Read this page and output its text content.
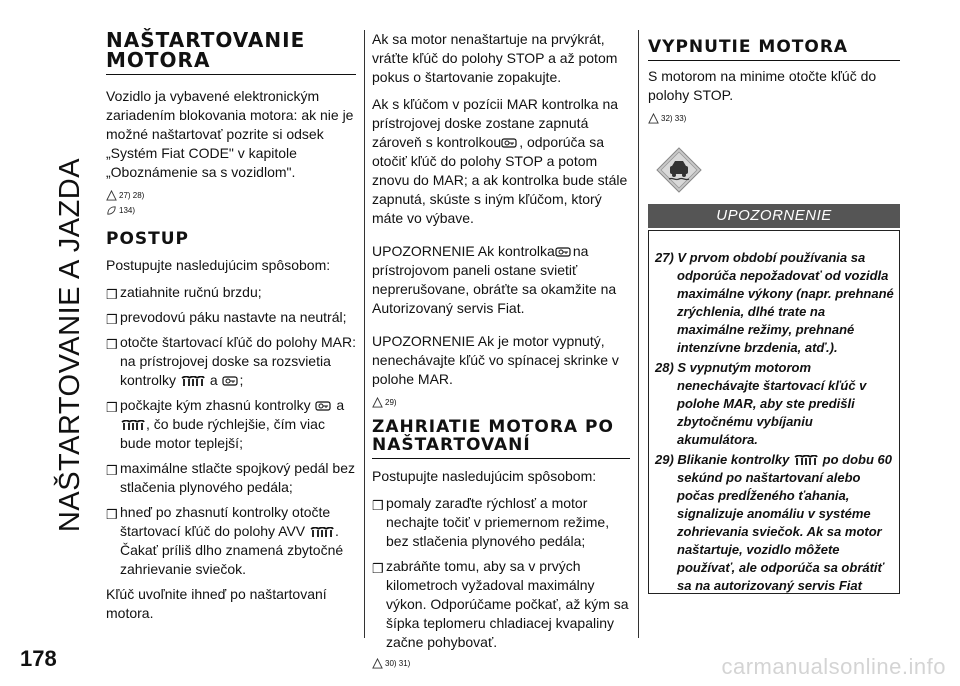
NAŠTARTOVANIE A JAZDA
178	carmanualsonline.info
NAŠTARTOVANIE MOTORA

Vozidlo ja vybavené elektronickým zariadením blokovania motora: ak nie je možné naštartovať pozrite si odsek „Systém Fiat CODE" v kapitole „Oboznámenie sa s vozidlom".

27) 28)
134)
POSTUP

Postupujte nasledujúcim spôsobom:

❒ zatiahnite ručnú brzdu;
❒ prevodovú páku nastavte na neutrál;
❒ otočte štartovací kľúč do polohy MAR: na prístrojovej doske sa rozsvietia kontrolky a ;
❒ počkajte kým zhasnú kontrolky a , čo bude rýchlejšie, čím viac bude motor teplejší;
❒ maximálne stlačte spojkový pedál bez stlačenia plynového pedála;
❒ hneď po zhasnutí kontrolky otočte štartovací kľúč do polohy AVV . Čakať príliš dlho znamená zbytočné zahrievanie sviečok.

Kľúč uvoľnite ihneď po naštartovaní motora.

Ak sa motor nenaštartuje na prvýkrát, vráťte kľúč do polohy STOP a až potom pokus o štartovanie zopakujte.

Ak s kľúčom v pozícii MAR kontrolka na prístrojovej doske zostane zapnutá zároveň s kontrolkou , odporúča sa otočiť kľúč do polohy STOP a potom znovu do MAR; a ak kontrolka bude stále zapnutá, skúste s iným kľúčom, ktorý máte vo výbave.

UPOZORNENIE Ak kontrolka na prístrojovom paneli ostane svietiť neprerušovane, obráťte sa okamžite na Autorizovaný servis Fiat.

UPOZORNENIE Ak je motor vypnutý, nenechávajte kľúč vo spínacej skrinke v polohe MAR.

29)
ZAHRIATIE MOTORA PO NAŠTARTOVANÍ

Postupujte nasledujúcim spôsobom:

❒ pomaly zaraďte rýchlosť a motor nechajte točiť v priemernom režime, bez stlačenia plynového pedála;
❒ zabráňte tomu, aby sa v prvých kilometroch vyžadoval maximálny výkon. Odporúčame počkať, až kým sa šípka teplomeru chladiacej kvapaliny začne pohybovať.
30) 31)
VYPNUTIE MOTORA

S motorom na minime otočte kľúč do polohy STOP.

32) 33)
UPOZORNENIE
27) V prvom období používania sa odporúča nepožadovať od vozidla maximálne výkony (napr. prehnané zrýchlenia, dlhé trate na maximálne režimy, prehnané intenzívne brzdenia, atď.).
28) S vypnutým motorom nenechávajte štartovací kľúč v polohe MAR, aby ste predišli zbytočnému vybíjaniu akumulátora.
29) Blikanie kontrolky	po dobu 60 sekúnd po naštartovaní alebo počas predĺženého ťahania, signalizuje anomáliu v systéme zohrievania sviečok. Ak sa motor naštartuje, vozidlo môžete používať, ale odporúča sa obrátiť sa na autorizovaný servis Fiat
